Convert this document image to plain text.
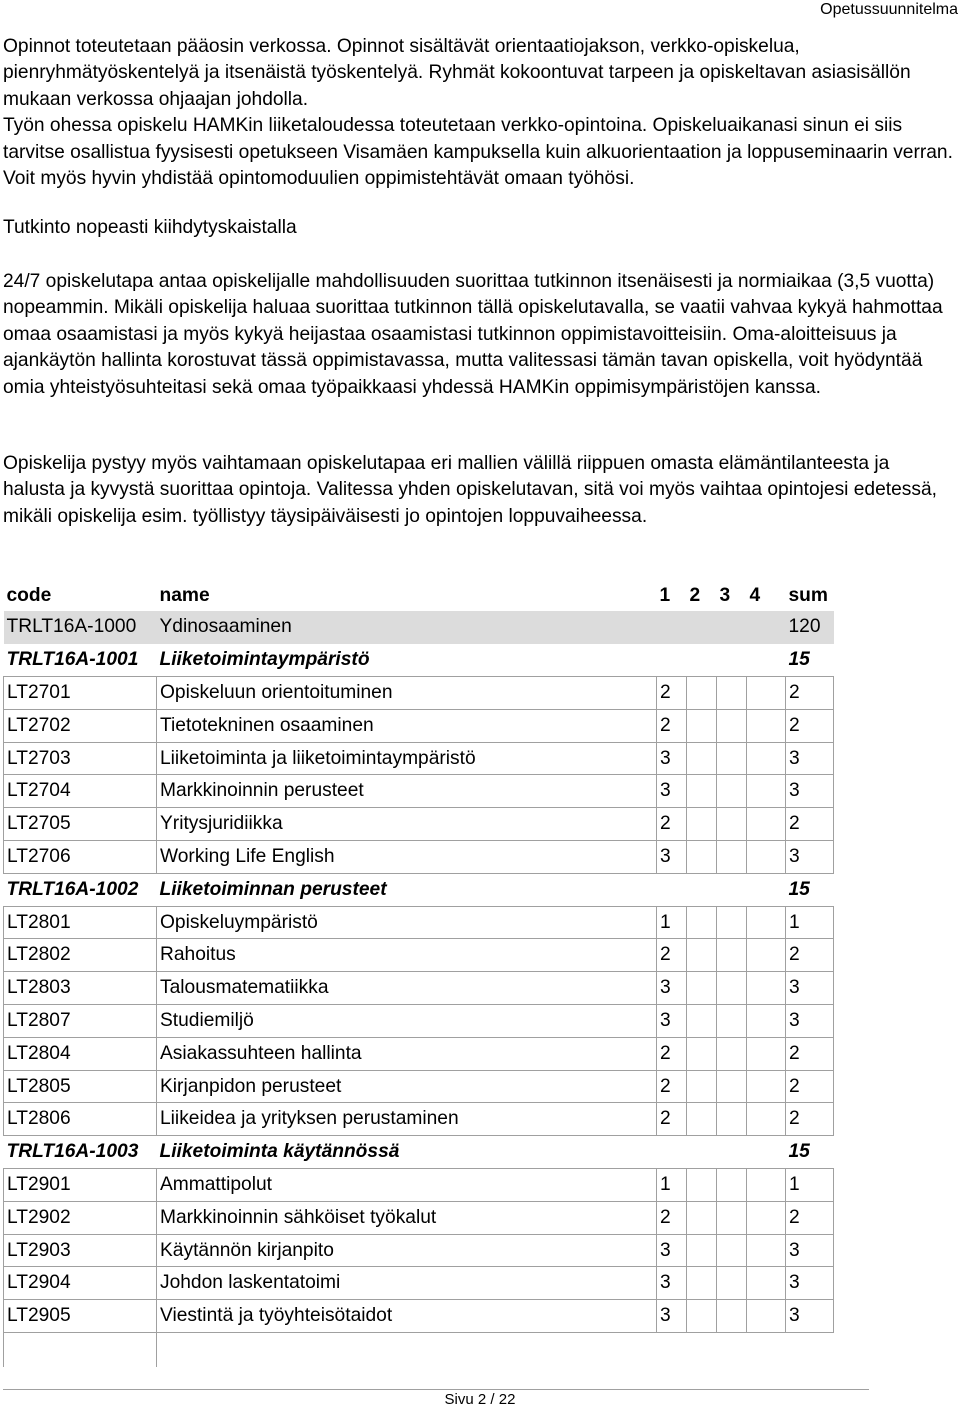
Opetussuunnitelma

Opinnot toteutetaan pääosin verkossa. Opinnot sisältävät orientaatiojakson, verkko-opiskelua, pienryhmätyöskentelyä ja itsenäistä työskentelyä. Ryhmät kokoontuvat tarpeen ja opiskeltavan asiasisällön mukaan verkossa ohjaajan johdolla.

Työn ohessa opiskelu HAMKin liiketaloudessa toteutetaan verkko-opintoina. Opiskeluaikanasi sinun ei siis tarvitse osallistua fyysisesti opetukseen Visamäen kampuksella kuin alkuorientaation ja loppuseminaarin verran. Voit myös hyvin yhdistää opintomoduulien oppimistehtävät omaan työhösi.

Tutkinto nopeasti kiihdytyskaistalla
24/7 opiskelutapa antaa opiskelijalle mahdollisuuden suorittaa tutkinnon itsenäisesti ja normiaikaa (3,5 vuotta) nopeammin. Mikäli opiskelija haluaa suorittaa tutkinnon tällä opiskelutavalla, se vaatii vahvaa kykyä hahmottaa omaa osaamistasi ja myös kykyä heijastaa osaamistasi tutkinnon oppimistavoitteisiin. Oma-aloitteisuus ja ajankäytön hallinta korostuvat tässä oppimistavassa, mutta valitessasi tämän tavan opiskella, voit hyödyntää omia yhteistyösuhteitasi sekä omaa työpaikkaasi yhdessä HAMKin oppimisympäristöjen kanssa.
Opiskelija pystyy myös vaihtamaan opiskelutapaa eri mallien välillä riippuen omasta elämäntilanteesta ja halusta ja kyvystä suorittaa opintoja. Valitessa yhden opiskelutavan, sitä voi myös vaihtaa opintojesi edetessä, mikäli opiskelija esim. työllistyy täysipäiväisesti jo opintojen loppuvaiheessa.
code	name	1	2	3	4	sum
TRLT16A-1000	Ydinosaaminen					120
TRLT16A-1001	Liiketoimintaympäristö					15
LT2701	Opiskeluun orientoituminen	2				2
LT2702	Tietotekninen osaaminen	2				2
LT2703	Liiketoiminta ja liiketoimintaympäristö	3				3
LT2704	Markkinoinnin perusteet	3				3
LT2705	Yritysjuridiikka	2				2
LT2706	Working Life English	3				3
TRLT16A-1002	Liiketoiminnan perusteet					15
LT2801	Opiskeluympäristö	1				1
LT2802	Rahoitus	2				2
LT2803	Talousmatematiikka	3				3
LT2807	Studiemiljö	3				3
LT2804	Asiakassuhteen hallinta	2				2
LT2805	Kirjanpidon perusteet	2				2
LT2806	Liikeidea ja yrityksen perustaminen	2				2
TRLT16A-1003	Liiketoiminta käytännössä					15
LT2901	Ammattipolut	1				1
LT2902	Markkinoinnin sähköiset työkalut	2				2
LT2903	Käytännön kirjanpito	3				3
LT2904	Johdon laskentatoimi	3				3
LT2905	Viestintä ja työyhteisötaidot	3				3

Sivu 2 / 22
